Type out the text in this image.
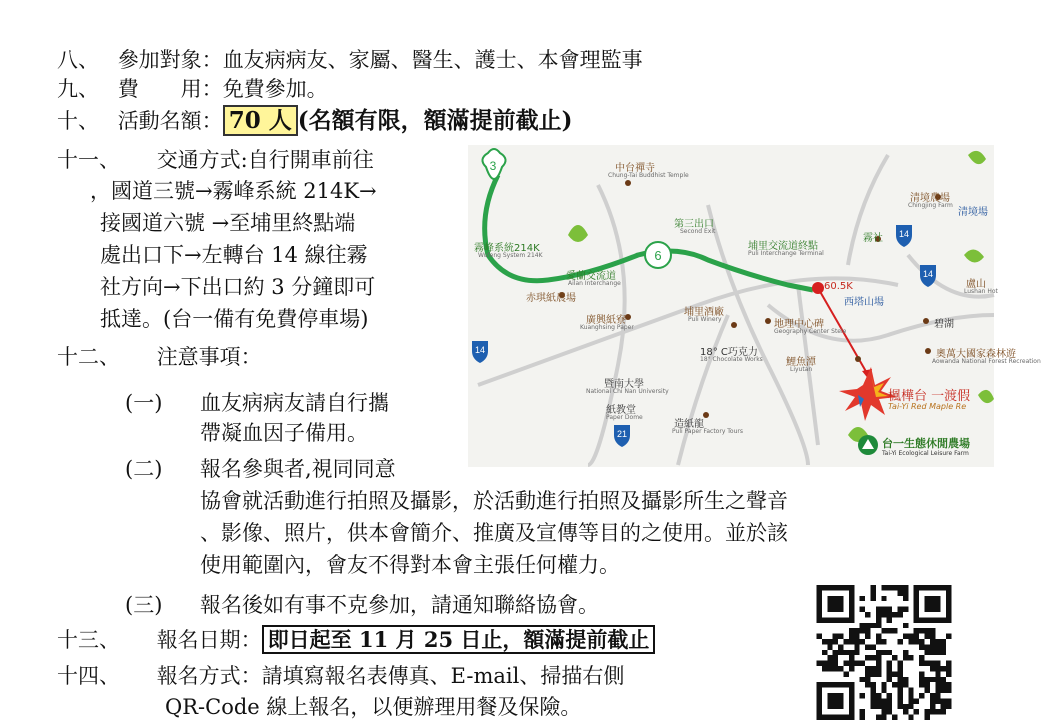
八、 參加對象：血友病病友、家屬、醫生、護士、本會理監事
九、 費　　用：免費參加。
十、 活動名額： 70 人 (名額有限，額滿提前截止)
十一、 交通方式:自行開車前往
，國道三號→霧峰系統 214K→
接國道六號 →至埔里終點端
處出口下→左轉台 14 線往霧
社方向→下出口約 3 分鐘即可
抵達。(台一備有免費停車場)
十二、 注意事項：
(一) 血友病病友請自行攜
帶凝血因子備用。
(二) 報名參與者,視同同意
協會就活動進行拍照及攝影，於活動進行拍照及攝影所生之聲音
、影像、照片，供本會簡介、推廣及宣傳等目的之使用。並於該
使用範圍內，會友不得對本會主張任何權力。
(三) 報名後如有事不克參加，請通知聯絡協會。
十三、 報名日期： 即日起至 11 月 25 日止，額滿提前截止
十四、 報名方式：請填寫報名表傳真、E-mail、掃描右側
QR-Code 線上報名，以便辦理用餐及保險。
3
6
14
14
14
21
中台禪寺
Chung-Tai Buddhist Temple
清境農場
Chingjing Farm
清境場
霧峰系統214K
Wufeng System 214K
第三出口
Second Exit
埔里交流道終點
Puli Interchange Terminal
霧社
愛蘭交流道
Ailan Interchange
赤琪紙農場
盧山
Lushan Hot
西塔山場
60.5K
廣興紙寮
Kuanghsing Paper
埔里酒廠
Puli Winery	地理中心碑
Geography Center Stele
碧湖
奧萬大國家森林遊
Aowanda National Forest Recreation
18° C巧克力
18° Chocolate Works 鯉魚潭
Liyutan
暨南大學
National Chi Nan University
紙教堂
Paper Dome
造紙龍
Puli Paper Factory Tours
楓樺台 一渡假
Tai-Yi Red Maple Re
台一生態休閒農場
Tai-Yi Ecological Leisure Farm
